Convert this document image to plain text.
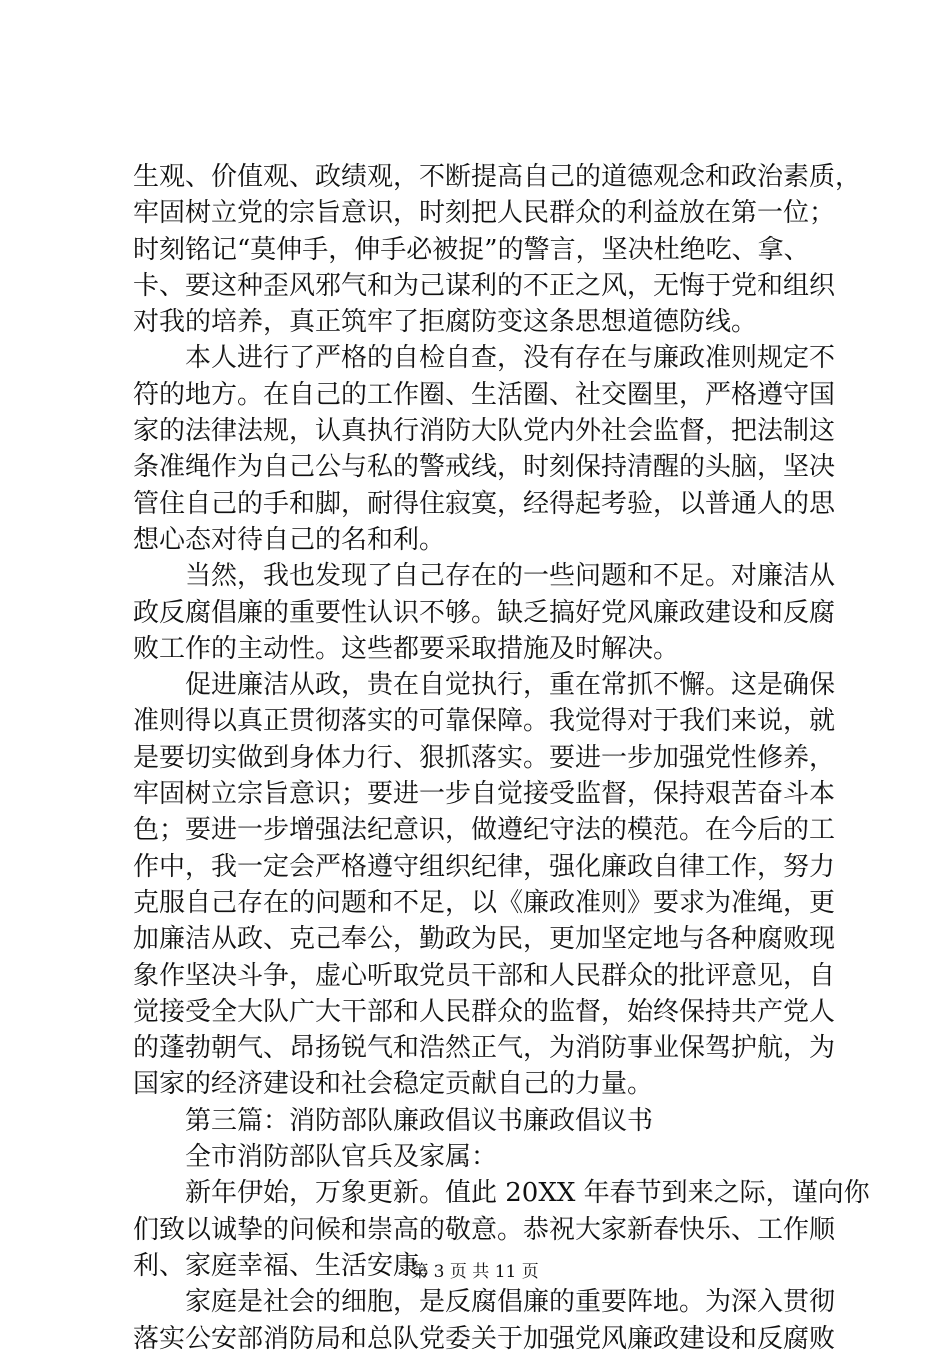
生观、价值观、政绩观，不断提高自己的道德观念和政治素质，
牢固树立党的宗旨意识，时刻把人民群众的利益放在第一位；
时刻铭记“莫伸手，伸手必被捉”的警言，坚决杜绝吃、拿、
卡、要这种歪风邪气和为己谋利的不正之风，无悔于党和组织
对我的培养，真正筑牢了拒腐防变这条思想道德防线。
　　本人进行了严格的自检自查，没有存在与廉政准则规定不
符的地方。在自己的工作圈、生活圈、社交圈里，严格遵守国
家的法律法规，认真执行消防大队党内外社会监督，把法制这
条准绳作为自己公与私的警戒线，时刻保持清醒的头脑，坚决
管住自己的手和脚，耐得住寂寞，经得起考验，以普通人的思
想心态对待自己的名和利。
　　当然，我也发现了自己存在的一些问题和不足。对廉洁从
政反腐倡廉的重要性认识不够。缺乏搞好党风廉政建设和反腐
败工作的主动性。这些都要采取措施及时解决。
　　促进廉洁从政，贵在自觉执行，重在常抓不懈。这是确保
准则得以真正贯彻落实的可靠保障。我觉得对于我们来说，就
是要切实做到身体力行、狠抓落实。要进一步加强党性修养，
牢固树立宗旨意识；要进一步自觉接受监督，保持艰苦奋斗本
色；要进一步增强法纪意识，做遵纪守法的模范。在今后的工
作中，我一定会严格遵守组织纪律，强化廉政自律工作，努力
克服自己存在的问题和不足，以《廉政准则》要求为准绳，更
加廉洁从政、克己奉公，勤政为民，更加坚定地与各种腐败现
象作坚决斗争，虚心听取党员干部和人民群众的批评意见，自
觉接受全大队广大干部和人民群众的监督，始终保持共产党人
的蓬勃朝气、昂扬锐气和浩然正气，为消防事业保驾护航，为
国家的经济建设和社会稳定贡献自己的力量。
　　第三篇：消防部队廉政倡议书廉政倡议书
　　全市消防部队官兵及家属：
　　新年伊始，万象更新。值此 20XX 年春节到来之际，谨向你
们致以诚挚的问候和崇高的敬意。恭祝大家新春快乐、工作顺
利、家庭幸福、生活安康。
　　家庭是社会的细胞，是反腐倡廉的重要阵地。为深入贯彻
落实公安部消防局和总队党委关于加强党风廉政建设和反腐败
第 3 页 共 11 页
